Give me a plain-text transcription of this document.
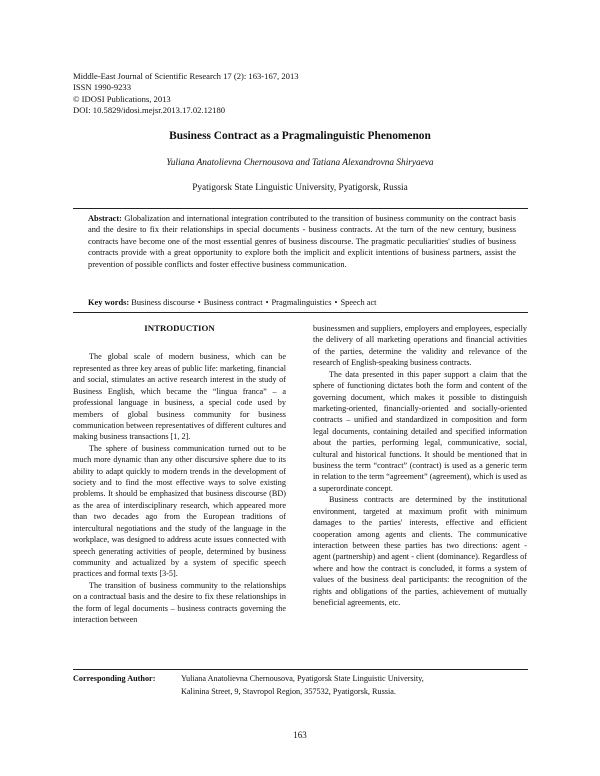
Middle-East Journal of Scientific Research 17 (2): 163-167, 2013
ISSN 1990-9233
© IDOSI Publications, 2013
DOI: 10.5829/idosi.mejsr.2013.17.02.12180
Business Contract as a Pragmalinguistic Phenomenon
Yuliana Anatolievna Chernousova and Tatiana Alexandrovna Shiryaeva
Pyatigorsk State Linguistic University, Pyatigorsk, Russia
Abstract: Globalization and international integration contributed to the transition of business community on the contract basis and the desire to fix their relationships in special documents - business contracts. At the turn of the new century, business contracts have become one of the most essential genres of business discourse. The pragmatic peculiarities' studies of business contracts provide with a great opportunity to explore both the implicit and explicit intentions of business partners, assist the prevention of possible conflicts and foster effective business communication.
Key words: Business discourse • Business contract • Pragmalinguistics • Speech act

INTRODUCTION

The global scale of modern business, which can be represented as three key areas of public life: marketing, financial and social, stimulates an active research interest in the study of Business English, which became the “lingua franca” – a professional language in business, a special code used by members of global business community for business communication between representatives of different cultures and making business transactions [1, 2].

The sphere of business communication turned out to be much more dynamic than any other discursive sphere due to its ability to adapt quickly to modern trends in the development of society and to find the most effective ways to solve existing problems. It should be emphasized that business discourse (BD) as the area of interdisciplinary research, which appeared more than two decades ago from the European traditions of intercultural negotiations and the study of the language in the workplace, was designed to address acute issues connected with speech generating activities of people, determined by business community and actualized by a system of specific speech practices and formal texts [3-5].

The transition of business community to the relationships on a contractual basis and the desire to fix these relationships in the form of legal documents – business contracts governing the interaction between

businessmen and suppliers, employers and employees, especially the delivery of all marketing operations and financial activities of the parties, determine the validity and relevance of the research of English-speaking business contracts.

The data presented in this paper support a claim that the sphere of functioning dictates both the form and content of the governing document, which makes it possible to distinguish marketing-oriented, financially-oriented and socially-oriented contracts – unified and standardized in composition and form legal documents, containing detailed and specified information about the parties, performing legal, communicative, social, cultural and historical functions. It should be mentioned that in business the term “contract” (contract) is used as a generic term in relation to the term “agreement” (agreement), which is used as a superordinate concept.

Business contracts are determined by the institutional environment, targeted at maximum profit with minimum damages to the parties' interests, effective and efficient cooperation among agents and clients. The communicative interaction between these parties has two directions: agent - agent (partnership) and agent - client (dominance). Regardless of where and how the contract is concluded, it forms a system of values of the business deal participants: the recognition of the rights and obligations of the parties, achievement of mutually beneficial agreements, etc.

Corresponding Author:	Yuliana Anatolievna Chernousova, Pyatigorsk State Linguistic University,
Kalinina Street, 9, Stavropol Region, 357532, Pyatigorsk, Russia.
163
